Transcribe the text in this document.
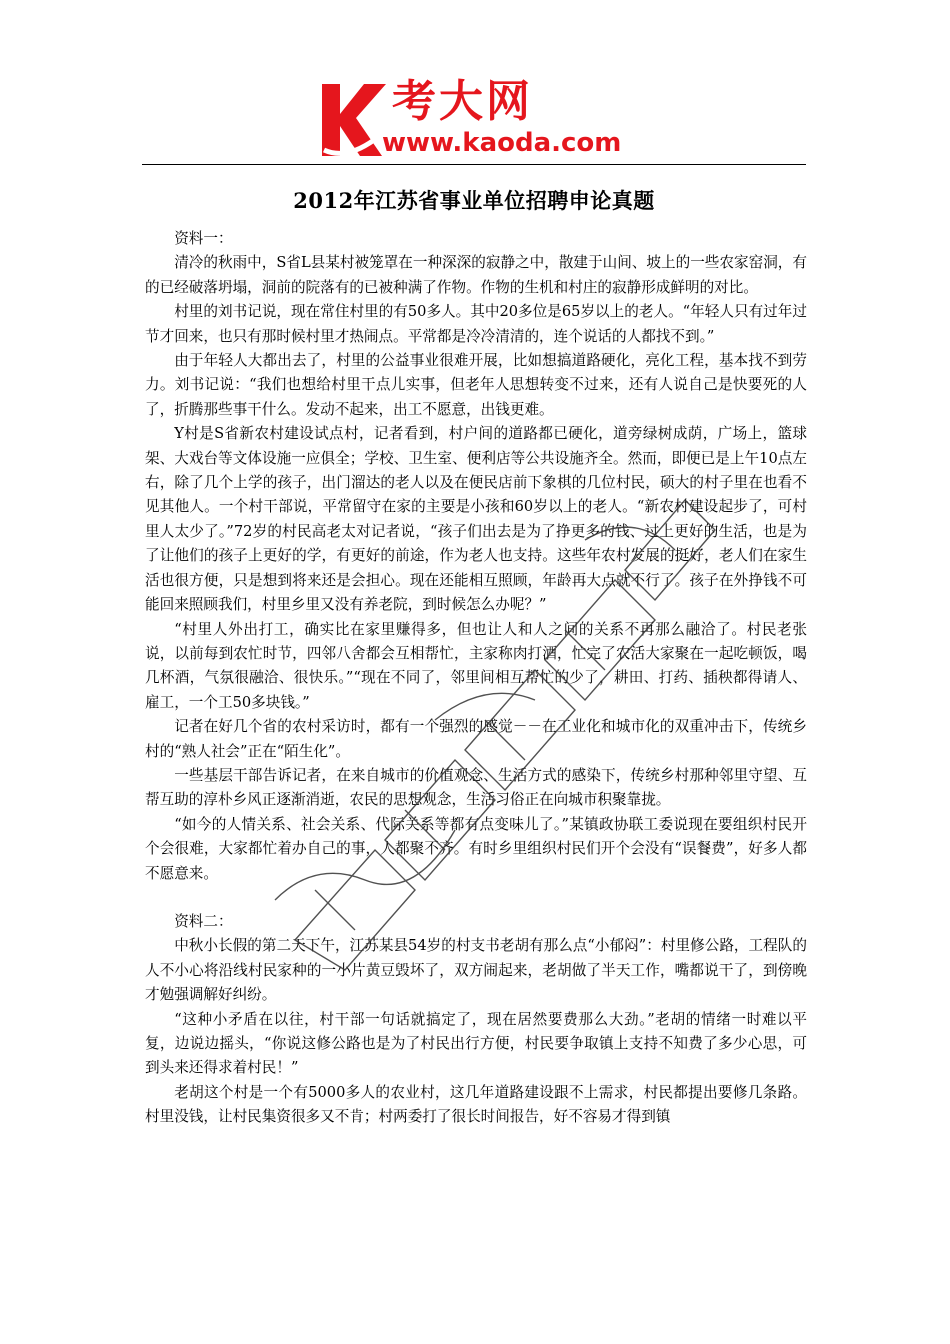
考大网
www.kaoda.com
2012年江苏省事业单位招聘申论真题

资料一：

清冷的秋雨中，S省L县某村被笼罩在一种深深的寂静之中，散建于山间、坡上的一些农家窑洞，有的已经破落坍塌，洞前的院落有的已被种满了作物。作物的生机和村庄的寂静形成鲜明的对比。

村里的刘书记说，现在常住村里的有50多人。其中20多位是65岁以上的老人。“年轻人只有过年过节才回来，也只有那时候村里才热闹点。平常都是冷冷清清的，连个说话的人都找不到。”

由于年轻人大都出去了，村里的公益事业很难开展，比如想搞道路硬化，亮化工程，基本找不到劳力。刘书记说：“我们也想给村里干点儿实事，但老年人思想转变不过来，还有人说自己是快要死的人了，折腾那些事干什么。发动不起来，出工不愿意，出钱更难。

Y村是S省新农村建设试点村，记者看到，村户间的道路都已硬化，道旁绿树成荫，广场上，篮球架、大戏台等文体设施一应俱全；学校、卫生室、便利店等公共设施齐全。然而，即便已是上午10点左右，除了几个上学的孩子，出门溜达的老人以及在便民店前下象棋的几位村民，硕大的村子里在也看不见其他人。一个村干部说，平常留守在家的主要是小孩和60岁以上的老人。“新农村建设起步了，可村里人太少了。”72岁的村民高老太对记者说，“孩子们出去是为了挣更多的钱、过上更好的生活，也是为了让他们的孩子上更好的学，有更好的前途，作为老人也支持。这些年农村发展的挺好，老人们在家生活也很方便，只是想到将来还是会担心。现在还能相互照顾，年龄再大点就不行了。孩子在外挣钱不可能回来照顾我们，村里乡里又没有养老院，到时候怎么办呢？”

“村里人外出打工，确实比在家里赚得多，但也让人和人之间的关系不再那么融洽了。村民老张说，以前每到农忙时节，四邻八舍都会互相帮忙，主家称肉打酒，忙完了农活大家聚在一起吃顿饭，喝几杯酒，气氛很融洽、很快乐。”“现在不同了，邻里间相互帮忙的少了，耕田、打药、插秧都得请人、雇工，一个工50多块钱。”

记者在好几个省的农村采访时，都有一个强烈的感觉－－在工业化和城市化的双重冲击下，传统乡村的“熟人社会”正在“陌生化”。

一些基层干部告诉记者，在来自城市的价值观念、生活方式的感染下，传统乡村那种邻里守望、互帮互助的淳朴乡风正逐渐消逝，农民的思想观念，生活习俗正在向城市积聚靠拢。

“如今的人情关系、社会关系、代际关系等都有点变味儿了。”某镇政协联工委说现在要组织村民开个会很难，大家都忙着办自己的事，人都聚不齐。有时乡里组织村民们开个会没有“误餐费”，好多人都不愿意来。

资料二：

中秋小长假的第二天下午，江苏某县54岁的村支书老胡有那么点“小郁闷”：村里修公路，工程队的人不小心将沿线村民家种的一小片黄豆毁坏了，双方闹起来，老胡做了半天工作，嘴都说干了，到傍晚才勉强调解好纠纷。

“这种小矛盾在以往，村干部一句话就搞定了，现在居然要费那么大劲。”老胡的情绪一时难以平复，边说边摇头，“你说这修公路也是为了村民出行方便，村民要争取镇上支持不知费了多少心思，可到头来还得求着村民！”

老胡这个村是一个有5000多人的农业村，这几年道路建设跟不上需求，村民都提出要修几条路。村里没钱，让村民集资很多又不肯；村两委打了很长时间报告，好不容易才得到镇
